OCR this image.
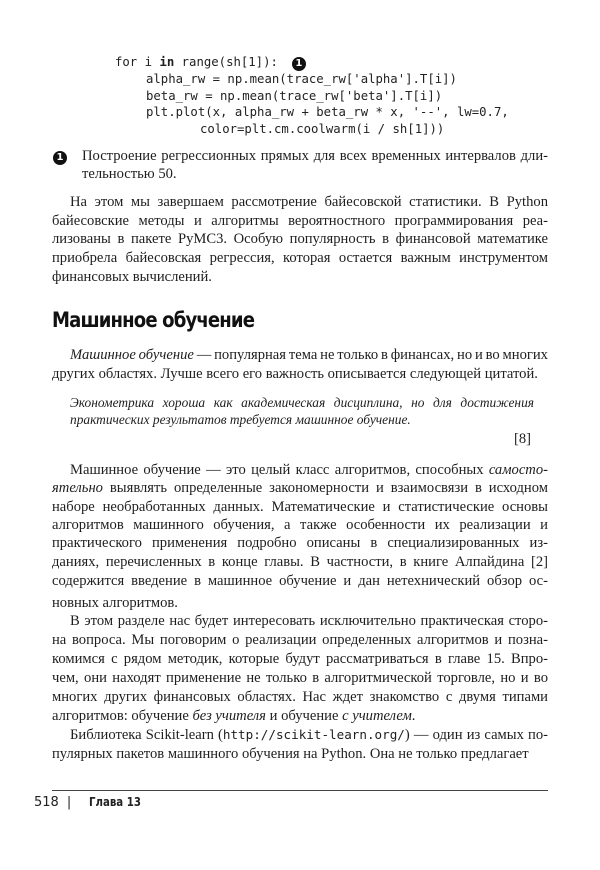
Машинное обучение
518 | Глава 13
for i in range(sh[1]): 1
alpha_rw = np.mean(trace_rw['alpha'].T[i])
beta_rw = np.mean(trace_rw['beta'].T[i])
plt.plot(x, alpha_rw + beta_rw * x, '--', lw=0.7,
color=plt.cm.coolwarm(i / sh[1]))
1 Построение регрессионных прямых для всех временных интервалов дли-
тельностью 50.
На этом мы завершаем рассмотрение байесовской статистики. В Python
байесовские методы и алгоритмы вероятностного программирования реа-
лизованы в пакете PyMC3. Особую популярность в финансовой математике
приобрела байесовская регрессия, которая остается важным инструментом
финансовых вычислений.
Машинное обучение — популярная тема не только в финансах, но и во многих
других областях. Лучше всего его важность описывается следующей цитатой.
Эконометрика хороша как академическая дисциплина, но для достижения
практических результатов требуется машинное обучение.
[8]
Машинное обучение — это целый класс алгоритмов, способных самосто-
ятельно выявлять определенные закономерности и взаимосвязи в исходном
наборе необработанных данных. Математические и статистические основы
алгоритмов машинного обучения, а также особенности их реализации и
практического применения подробно описаны в специализированных из-
даниях, перечисленных в конце главы. В частности, в книге Алпайдина [2]
содержится введение в машинное обучение и дан нетехнический обзор ос-
новных алгоритмов.
В этом разделе нас будет интересовать исключительно практическая сторо-
на вопроса. Мы поговорим о реализации определенных алгоритмов и позна-
комимся с рядом методик, которые будут рассматриваться в главе 15. Впро-
чем, они находят применение не только в алгоритмической торговле, но и во
многих других финансовых областях. Нас ждет знакомство с двумя типами
алгоритмов: обучение без учителя и обучение с учителем.
Библиотека Scikit-learn (http://scikit-learn.org/) — один из самых по-
пулярных пакетов машинного обучения на Python. Она не только предлагает
